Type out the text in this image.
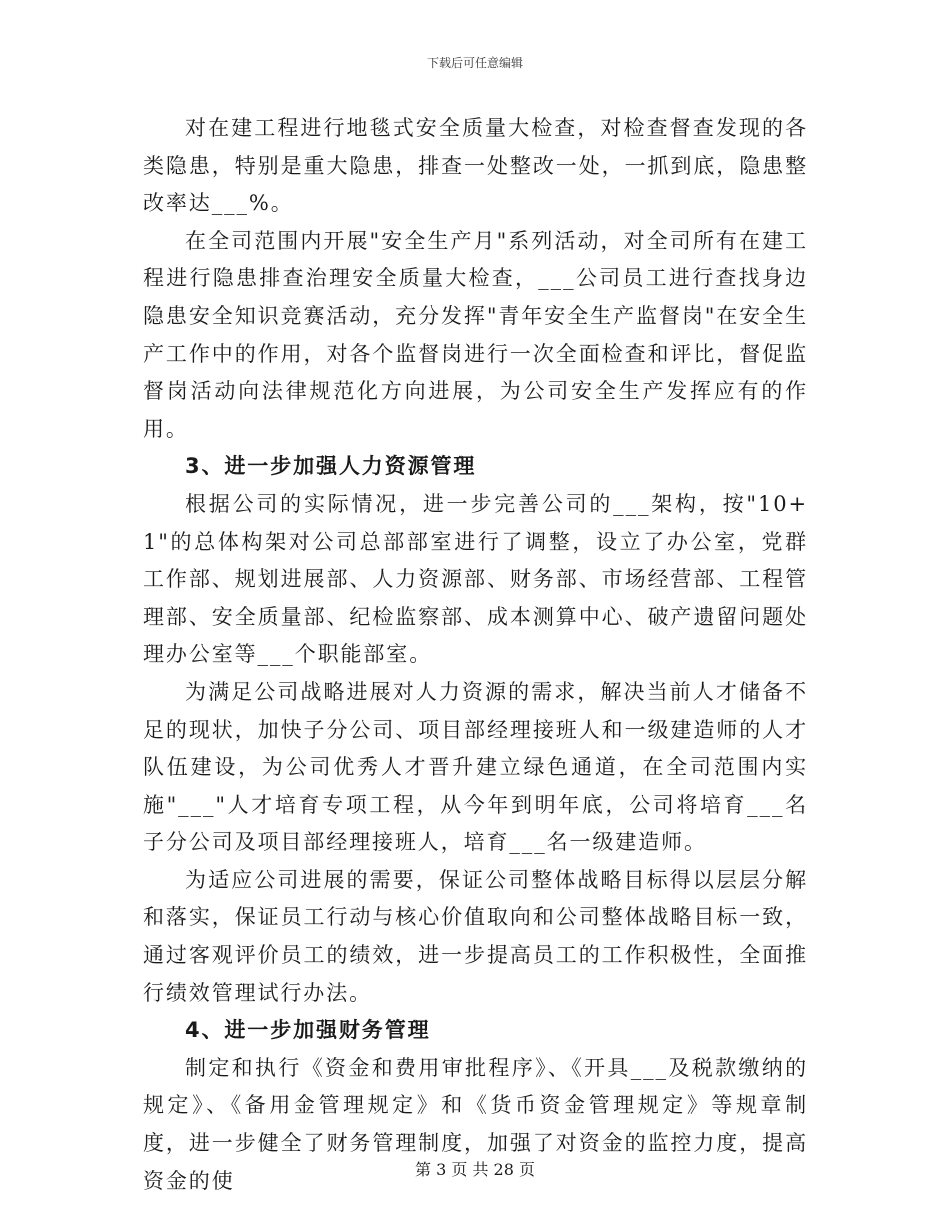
下载后可任意编辑

对在建工程进行地毯式安全质量大检查，对检查督查发现的各类隐患，特别是重大隐患，排查一处整改一处，一抓到底，隐患整改率达___%。

在全司范围内开展"安全生产月"系列活动，对全司所有在建工程进行隐患排查治理安全质量大检查，___公司员工进行查找身边隐患安全知识竞赛活动，充分发挥"青年安全生产监督岗"在安全生产工作中的作用，对各个监督岗进行一次全面检查和评比，督促监督岗活动向法律规范化方向进展，为公司安全生产发挥应有的作用。

3、进一步加强人力资源管理

根据公司的实际情况，进一步完善公司的___架构，按"10+1"的总体构架对公司总部部室进行了调整，设立了办公室，党群工作部、规划进展部、人力资源部、财务部、市场经营部、工程管理部、安全质量部、纪检监察部、成本测算中心、破产遗留问题处理办公室等___个职能部室。

为满足公司战略进展对人力资源的需求，解决当前人才储备不足的现状，加快子分公司、项目部经理接班人和一级建造师的人才队伍建设，为公司优秀人才晋升建立绿色通道，在全司范围内实施"___"人才培育专项工程，从今年到明年底，公司将培育___名子分公司及项目部经理接班人，培育___名一级建造师。

为适应公司进展的需要，保证公司整体战略目标得以层层分解和落实，保证员工行动与核心价值取向和公司整体战略目标一致，通过客观评价员工的绩效，进一步提高员工的工作积极性，全面推行绩效管理试行办法。

4、进一步加强财务管理

制定和执行《资金和费用审批程序》、《开具___及税款缴纳的规定》、《备用金管理规定》和《货币资金管理规定》等规章制度，进一步健全了财务管理制度，加强了对资金的监控力度，提高资金的使	第 3 页 共 28 页
